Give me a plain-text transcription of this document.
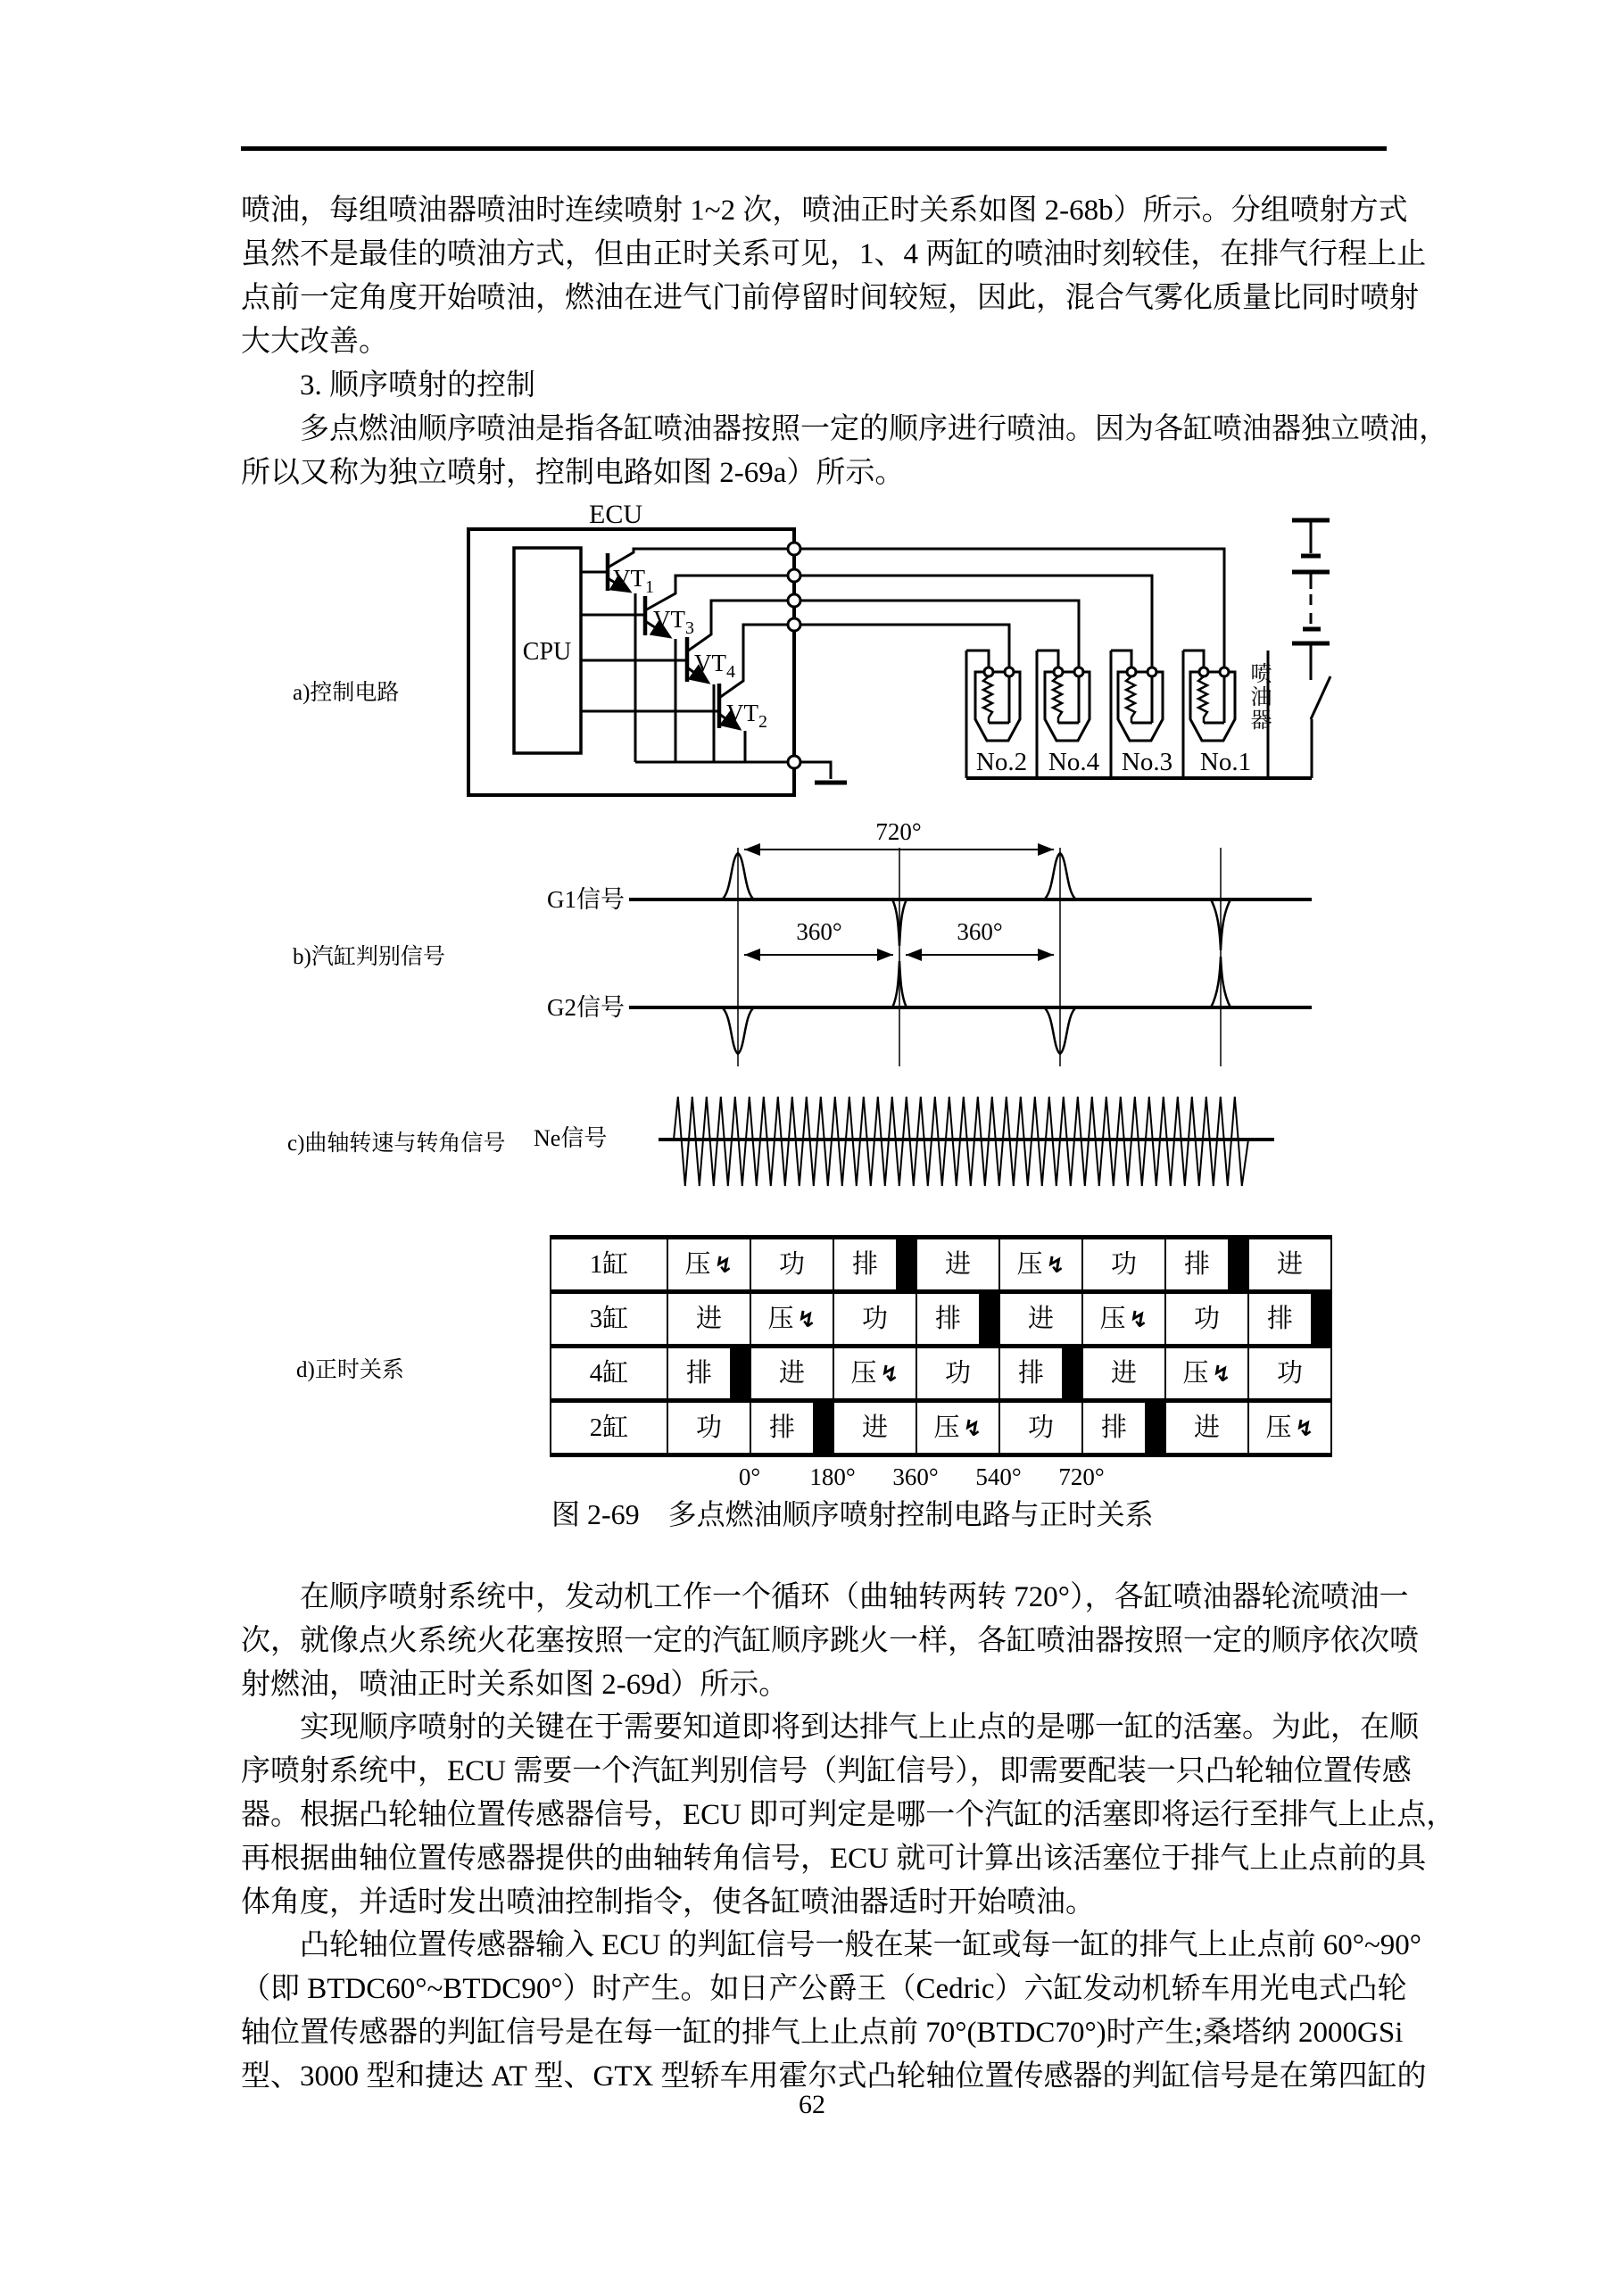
喷油，每组喷油器喷油时连续喷射 1~2 次，喷油正时关系如图 2-68b）所示。分组喷射方式
虽然不是最佳的喷油方式，但由正时关系可见，1、4 两缸的喷油时刻较佳，在排气行程上止
点前一定角度开始喷油，燃油在进气门前停留时间较短，因此，混合气雾化质量比同时喷射
大大改善。
3. 顺序喷射的控制
多点燃油顺序喷油是指各缸喷油器按照一定的顺序进行喷油。因为各缸喷油器独立喷油，
所以又称为独立喷射，控制电路如图 2-69a）所示。
a)控制电路
b)汽缸判别信号
c)曲轴转速与转角信号
d)正时关系
Ne信号
喷油器
No.2 No.4 No.3 No.1
ECU
CPU
$VT_1$
$VT_3$
$VT_4$
$VT_2$
720°
360°	360°
G1信号
G2信号
1缸	压 ↯	功	排	进	压 ↯	功	排	进
3缸	进	压 ↯	功	排	进	压 ↯	功	排
4缸	排	进	压 ↯	功	排	进	压 ↯	功
2缸	功	排	进	压 ↯	功	排	进	压 ↯
0°	180°	360°	540°	720°
图 2-69　多点燃油顺序喷射控制电路与正时关系
在顺序喷射系统中，发动机工作一个循环（曲轴转两转 720°），各缸喷油器轮流喷油一
次，就像点火系统火花塞按照一定的汽缸顺序跳火一样，各缸喷油器按照一定的顺序依次喷
射燃油，喷油正时关系如图 2-69d）所示。
实现顺序喷射的关键在于需要知道即将到达排气上止点的是哪一缸的活塞。为此，在顺
序喷射系统中，ECU 需要一个汽缸判别信号（判缸信号），即需要配装一只凸轮轴位置传感
器。根据凸轮轴位置传感器信号，ECU 即可判定是哪一个汽缸的活塞即将运行至排气上止点，
再根据曲轴位置传感器提供的曲轴转角信号，ECU 就可计算出该活塞位于排气上止点前的具
体角度，并适时发出喷油控制指令，使各缸喷油器适时开始喷油。
凸轮轴位置传感器输入 ECU 的判缸信号一般在某一缸或每一缸的排气上止点前 60°~90°
（即 BTDC60°~BTDC90°）时产生。如日产公爵王（Cedric）六缸发动机轿车用光电式凸轮
轴位置传感器的判缸信号是在每一缸的排气上止点前 70°(BTDC70°)时产生;桑塔纳 2000GSi
型、3000 型和捷达 AT 型、GTX 型轿车用霍尔式凸轮轴位置传感器的判缸信号是在第四缸的
62
